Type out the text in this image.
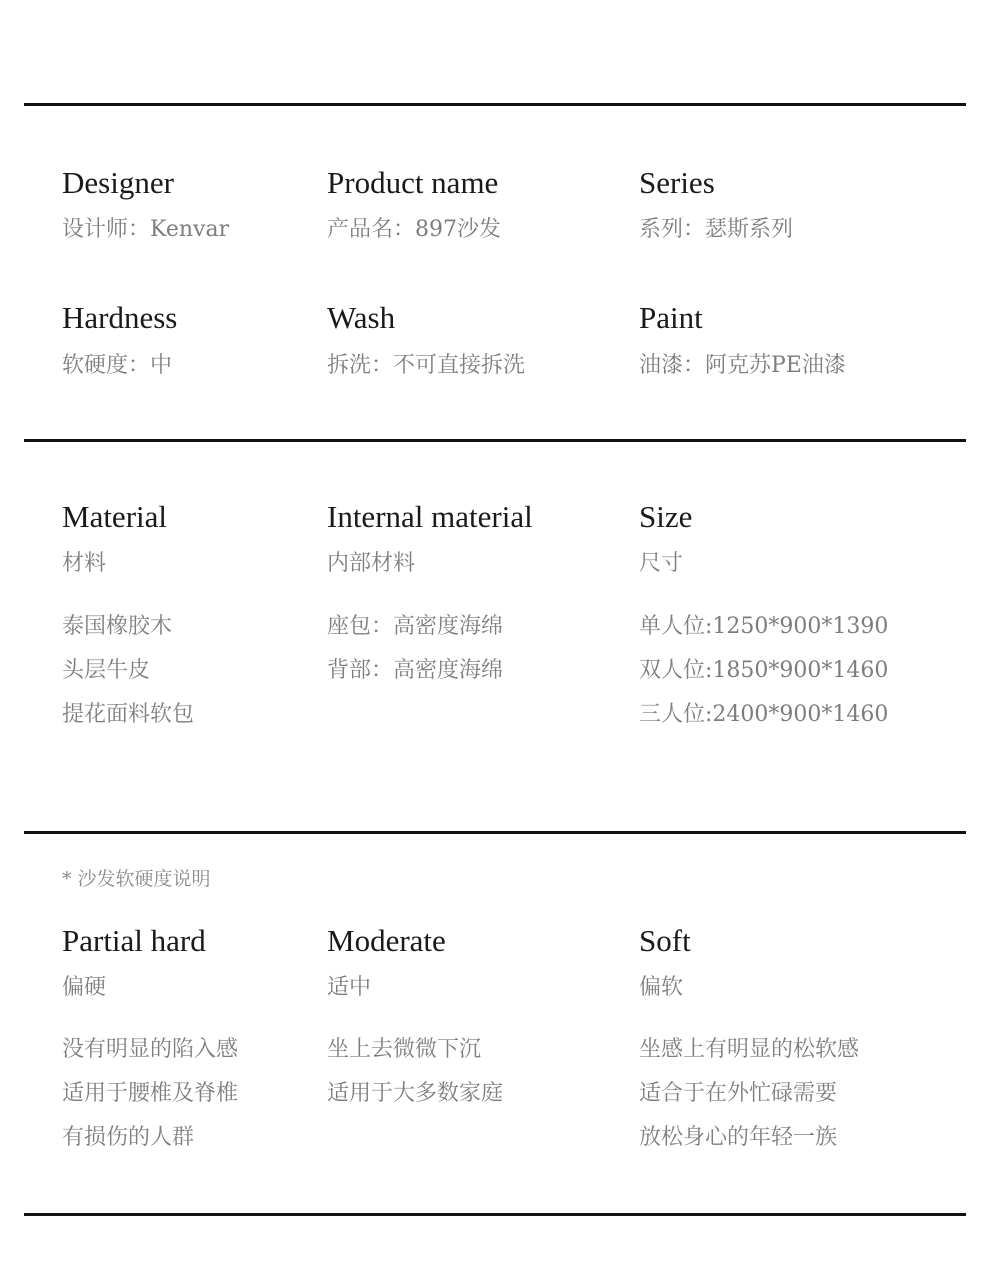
Designer
设计师：Kenvar
Product name
产品名：897沙发
Series
系列：瑟斯系列
Hardness
软硬度：中
Wash
拆洗：不可直接拆洗
Paint
油漆：阿克苏PE油漆
Material
材料
泰国橡胶木
头层牛皮
提花面料软包
Internal material
内部材料
座包：高密度海绵
背部：高密度海绵
Size
尺寸
单人位:1250*900*1390
双人位:1850*900*1460
三人位:2400*900*1460
* 沙发软硬度说明
Partial hard
偏硬
没有明显的陷入感
适用于腰椎及脊椎
有损伤的人群
Moderate
适中
坐上去微微下沉
适用于大多数家庭
Soft
偏软
坐感上有明显的松软感
适合于在外忙碌需要
放松身心的年轻一族
